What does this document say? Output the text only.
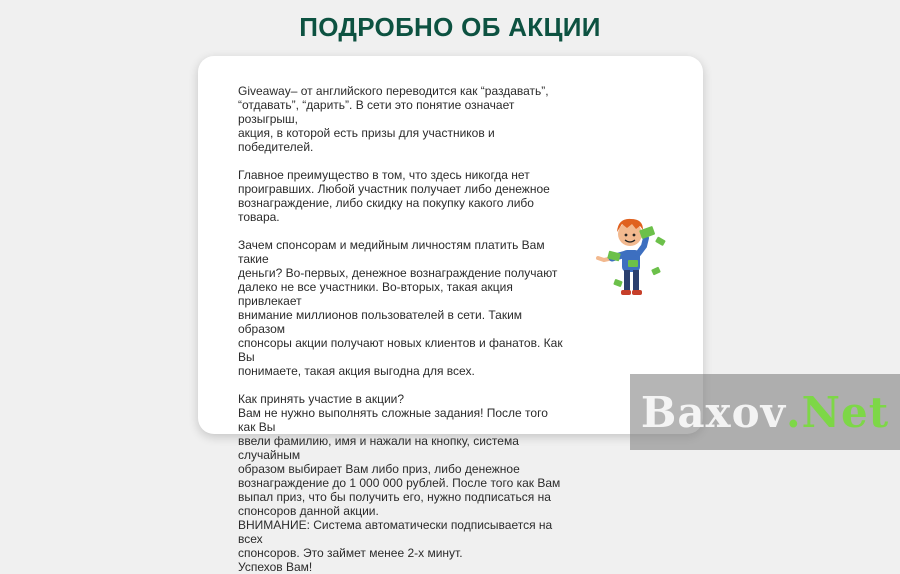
ПОДРОБНО ОБ АКЦИИ

Giveaway– от английского переводится как “раздавать”,
“отдавать”, “дарить”. В сети это понятие означает розыгрыш,
акция, в которой есть призы для участников и победителей.

Главное преимущество в том, что здесь никогда нет
проигравших. Любой участник получает либо денежное
вознаграждение, либо скидку на покупку какого либо товара.

Зачем спонсорам и медийным личностям платить Вам такие
деньги? Во-первых, денежное вознаграждение получают
далеко не все участники. Во-вторых, такая акция привлекает
внимание миллионов пользователей в сети. Таким образом
спонсоры акции получают новых клиентов и фанатов. Как Вы
понимаете, такая акция выгодна для всех.

Как принять участие в акции?
Вам не нужно выполнять сложные задания! После того как Вы
ввели фамилию, имя и нажали на кнопку, система случайным
образом выбирает Вам либо приз, либо денежное
вознаграждение до 1 000 000 рублей. После того как Вам
выпал приз, что бы получить его, нужно подписаться на
спонсоров данной акции.
ВНИМАНИЕ: Система автоматически подписывается на всех
спонсоров. Это займет менее 2-х минут.
Успехов Вам!

Baxov . Net
